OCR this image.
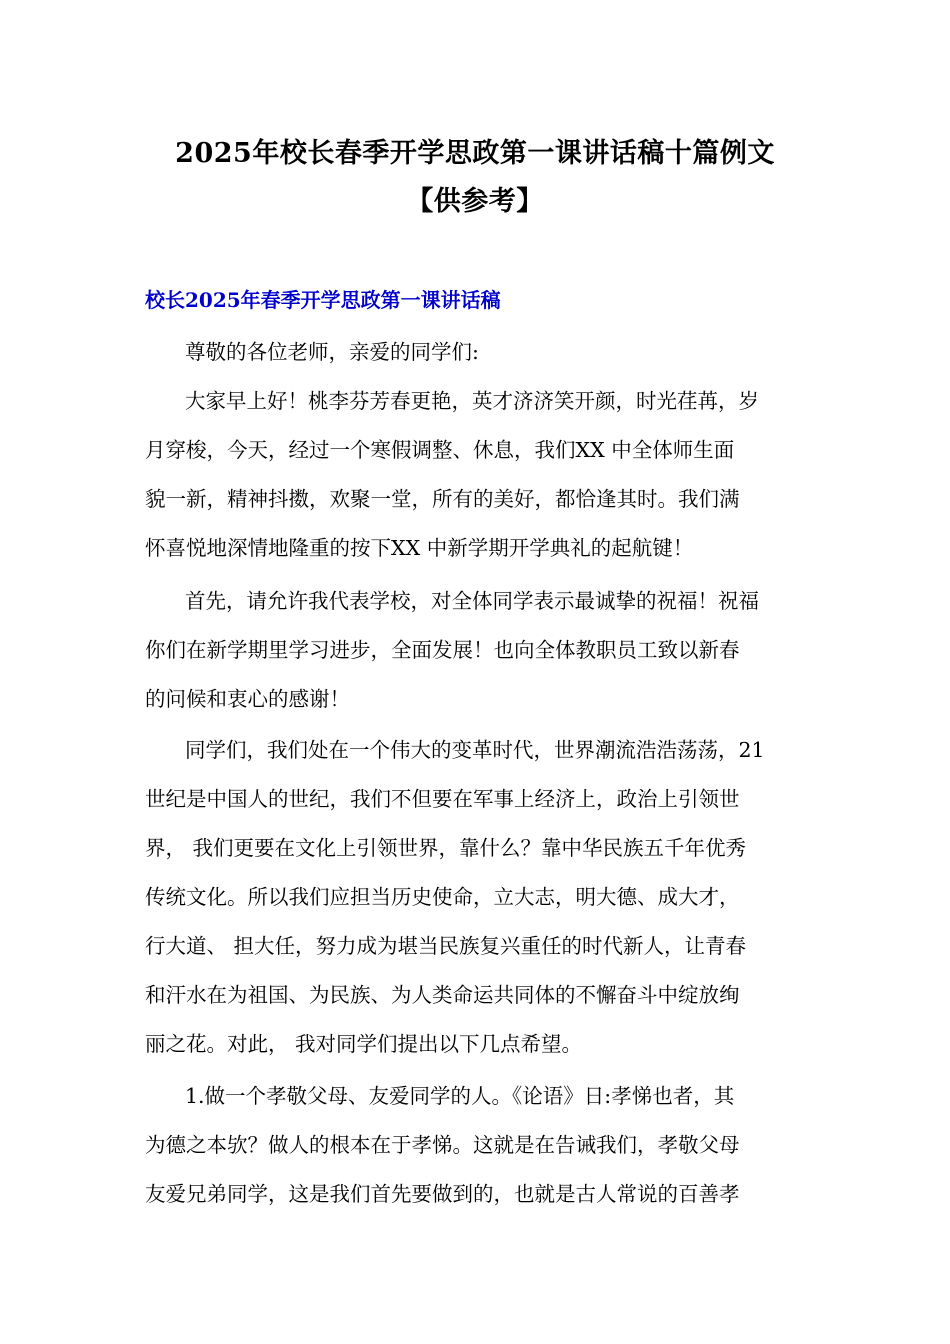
2025年校长春季开学思政第一课讲话稿十篇例文
【供参考】
校长2025年春季开学思政第一课讲话稿
尊敬的各位老师，亲爱的同学们:
大家早上好！桃李芬芳春更艳，英才济济笑开颜，时光荏苒，岁
月穿梭，今天，经过一个寒假调整、休息，我们XX 中全体师生面
貌一新，精神抖擞，欢聚一堂，所有的美好，都恰逢其时。我们满
怀喜悦地深情地隆重的按下XX 中新学期开学典礼的起航键！
首先，请允许我代表学校，对全体同学表示最诚挚的祝福！祝福
你们在新学期里学习进步，全面发展！也向全体教职员工致以新春
的问候和衷心的感谢！
同学们，我们处在一个伟大的变革时代，世界潮流浩浩荡荡，21
世纪是中国人的世纪，我们不但要在军事上经济上，政治上引领世
界， 我们更要在文化上引领世界，靠什么？靠中华民族五千年优秀
传统文化。所以我们应担当历史使命，立大志，明大德、成大才，
行大道、 担大任，努力成为堪当民族复兴重任的时代新人，让青春
和汗水在为祖国、为民族、为人类命运共同体的不懈奋斗中绽放绚
丽之花。对此， 我对同学们提出以下几点希望。
1.做一个孝敬父母、友爱同学的人。《论语》日:孝悌也者，其
为德之本欤？做人的根本在于孝悌。这就是在告诫我们，孝敬父母
友爱兄弟同学，这是我们首先要做到的，也就是古人常说的百善孝
